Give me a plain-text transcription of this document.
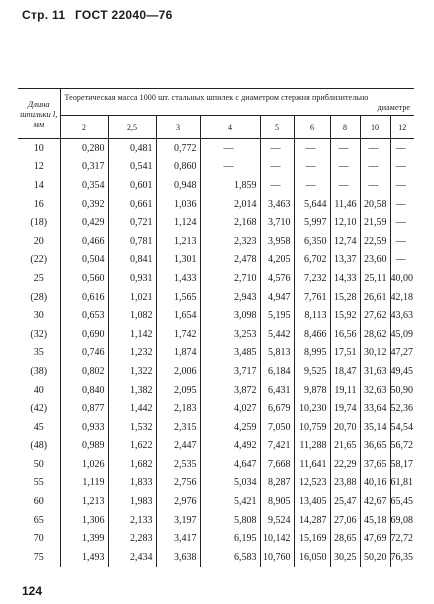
Стр. 11 ГОСТ 22040—76
Длина шпильки l, мм	Теоретическая масса 1000 шт. стальных шпилек с диаметром стержня приблизительно
диаметре								

	2	2,5	3	4	5	6	8	10	12
10	0,280	0,481	0,772	—	—	—	—	—	—
12	0,317	0,541	0,860	—	—	—	—	—	—
14	0,354	0,601	0,948	1,859	—	—	—	—	—
16	0,392	0,661	1,036	2,014	3,463	5,644	11,46	20,58	—
(18)	0,429	0,721	1,124	2,168	3,710	5,997	12,10	21,59	—
20	0,466	0,781	1,213	2,323	3,958	6,350	12,74	22,59	—
(22)	0,504	0,841	1,301	2,478	4,205	6,702	13,37	23,60	—
25	0,560	0,931	1,433	2,710	4,576	7,232	14,33	25,11	40,00
(28)	0,616	1,021	1,565	2,943	4,947	7,761	15,28	26,61	42,18
30	0,653	1,082	1,654	3,098	5,195	8,113	15,92	27,62	43,63
(32)	0,690	1,142	1,742	3,253	5,442	8,466	16,56	28,62	45,09
35	0,746	1,232	1,874	3,485	5,813	8,995	17,51	30,12	47,27
(38)	0,802	1,322	2,006	3,717	6,184	9,525	18,47	31,63	49,45
40	0,840	1,382	2,095	3,872	6,431	9,878	19,11	32,63	50,90
(42)	0,877	1,442	2,183	4,027	6,679	10,230	19,74	33,64	52,36
45	0,933	1,532	2,315	4,259	7,050	10,759	20,70	35,14	54,54
(48)	0,989	1,622	2,447	4,492	7,421	11,288	21,65	36,65	56,72
50	1,026	1,682	2,535	4,647	7,668	11,641	22,29	37,65	58,17
55	1,119	1,833	2,756	5,034	8,287	12,523	23,88	40,16	61,81
60	1,213	1,983	2,976	5,421	8,905	13,405	25,47	42,67	65,45
65	1,306	2,133	3,197	5,808	9,524	14,287	27,06	45,18	69,08
70	1,399	2,283	3,417	6,195	10,142	15,169	28,65	47,69	72,72
75	1,493	2,434	3,638	6,583	10,760	16,050	30,25	50,20	76,35
124
